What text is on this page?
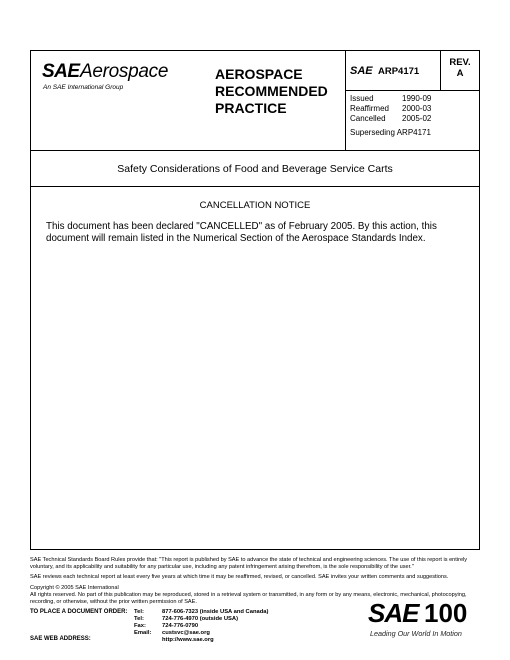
SAE Aerospace
An SAE International Group
AEROSPACE
RECOMMENDED
PRACTICE
SAE ARP4171
REV.
A
Issued	1990-09
Reaffirmed	2000-03
Cancelled	2005-02
Superseding ARP4171
Safety Considerations of Food and Beverage Service Carts
CANCELLATION NOTICE
This document has been declared "CANCELLED" as of February 2005. By this action, this document will remain listed in the Numerical Section of the Aerospace Standards Index.
SAE Technical Standards Board Rules provide that: "This report is published by SAE to advance the state of technical and engineering sciences. The use of this report is entirely voluntary, and its applicability and suitability for any particular use, including any patent infringement arising therefrom, is the sole responsibility of the user."
SAE reviews each technical report at least every five years at which time it may be reaffirmed, revised, or cancelled. SAE invites your written comments and suggestions.
Copyright © 2005 SAE International
All rights reserved. No part of this publication may be reproduced, stored in a retrieval system or transmitted, in any form or by any means, electronic, mechanical, photocopying, recording, or otherwise, without the prior written permission of SAE.
TO PLACE A DOCUMENT ORDER:
SAE WEB ADDRESS:
Tel:	877-606-7323 (inside USA and Canada)
Tel:	724-776-4970 (outside USA)
Fax:	724-776-0790
Email:	custsvc@sae.org
http://www.sae.org
SAE 100
Leading Our World In Motion
